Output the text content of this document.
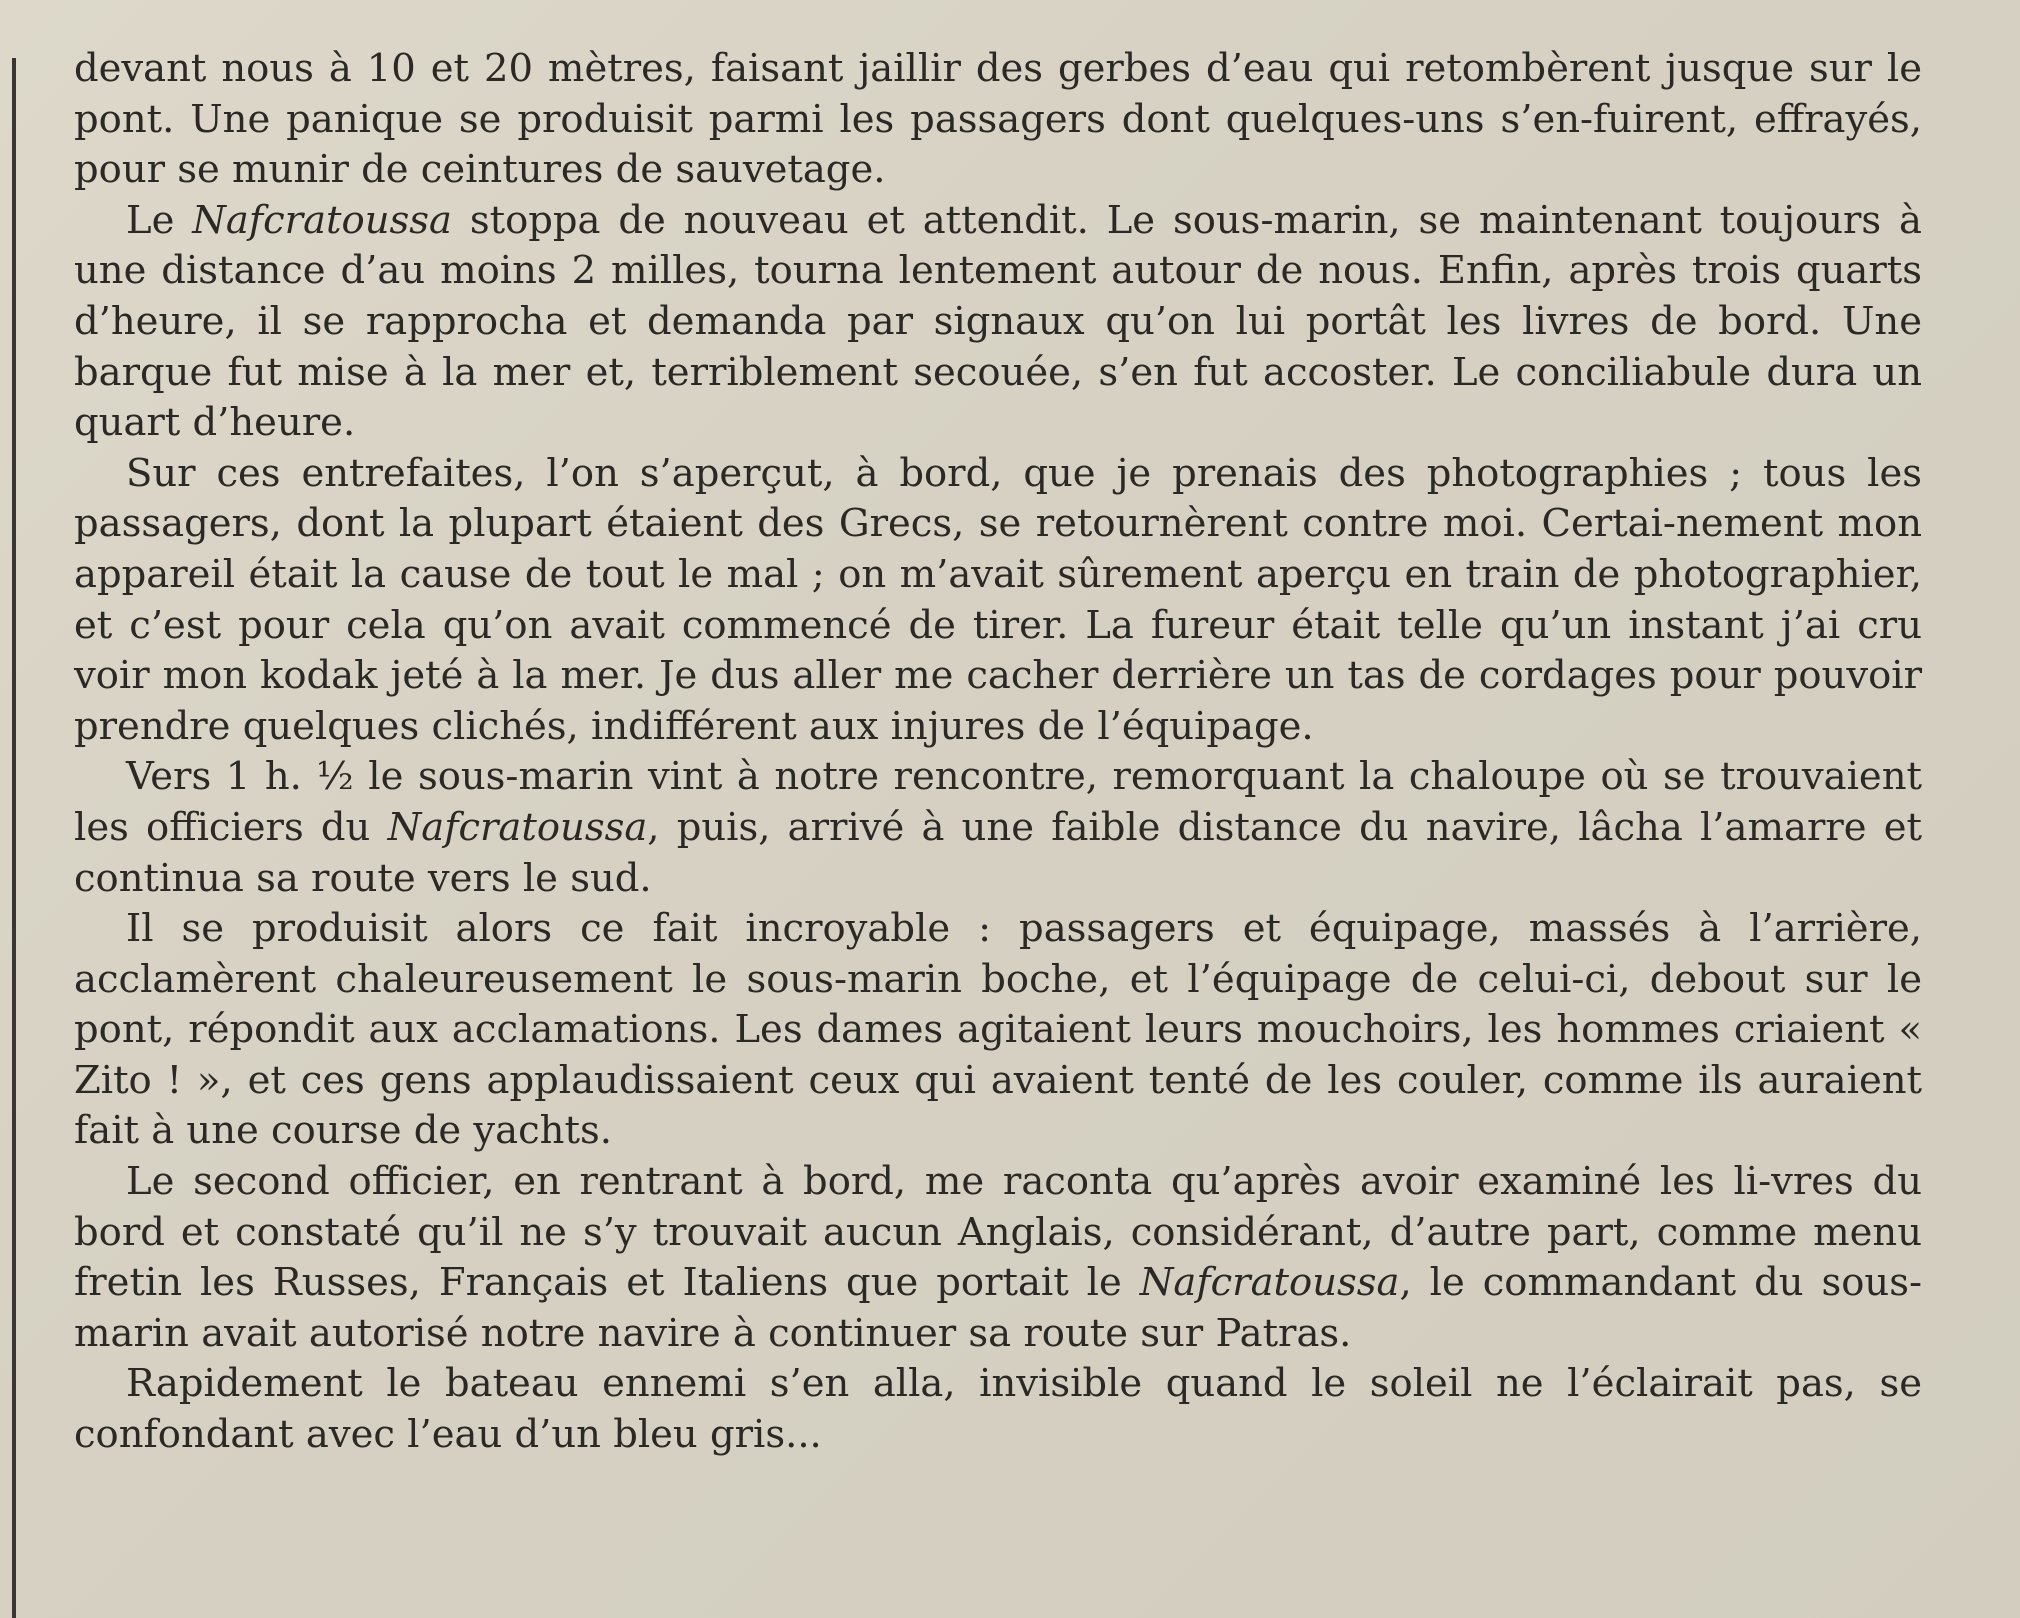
devant nous à 10 et 20 mètres, faisant jaillir des gerbes d’eau qui retombèrent jusque sur le pont. Une panique se produisit parmi les passagers dont quelques-uns s’en-fuirent, effrayés, pour se munir de ceintures de sauvetage.

Le Nafcratoussa stoppa de nouveau et attendit. Le sous-marin, se maintenant toujours à une distance d’au moins 2 milles, tourna lentement autour de nous. Enfin, après trois quarts d’heure, il se rapprocha et demanda par signaux qu’on lui portât les livres de bord. Une barque fut mise à la mer et, terriblement secouée, s’en fut accoster. Le conciliabule dura un quart d’heure.

Sur ces entrefaites, l’on s’aperçut, à bord, que je prenais des photographies ; tous les passagers, dont la plupart étaient des Grecs, se retournèrent contre moi. Certai-nement mon appareil était la cause de tout le mal ; on m’avait sûrement aperçu en train de photographier, et c’est pour cela qu’on avait commencé de tirer. La fureur était telle qu’un instant j’ai cru voir mon kodak jeté à la mer. Je dus aller me cacher derrière un tas de cordages pour pouvoir prendre quelques clichés, indifférent aux injures de l’équipage.

Vers 1 h. ½ le sous-marin vint à notre rencontre, remorquant la chaloupe où se trouvaient les officiers du Nafcratoussa, puis, arrivé à une faible distance du navire, lâcha l’amarre et continua sa route vers le sud.

Il se produisit alors ce fait incroyable : passagers et équipage, massés à l’arrière, acclamèrent chaleureusement le sous-marin boche, et l’équipage de celui-ci, debout sur le pont, répondit aux acclamations. Les dames agitaient leurs mouchoirs, les hommes criaient « Zito ! », et ces gens applaudissaient ceux qui avaient tenté de les couler, comme ils auraient fait à une course de yachts.

Le second officier, en rentrant à bord, me raconta qu’après avoir examiné les li-vres du bord et constaté qu’il ne s’y trouvait aucun Anglais, considérant, d’autre part, comme menu fretin les Russes, Français et Italiens que portait le Nafcratoussa, le commandant du sous-marin avait autorisé notre navire à continuer sa route sur Patras.

Rapidement le bateau ennemi s’en alla, invisible quand le soleil ne l’éclairait pas, se confondant avec l’eau d’un bleu gris...
